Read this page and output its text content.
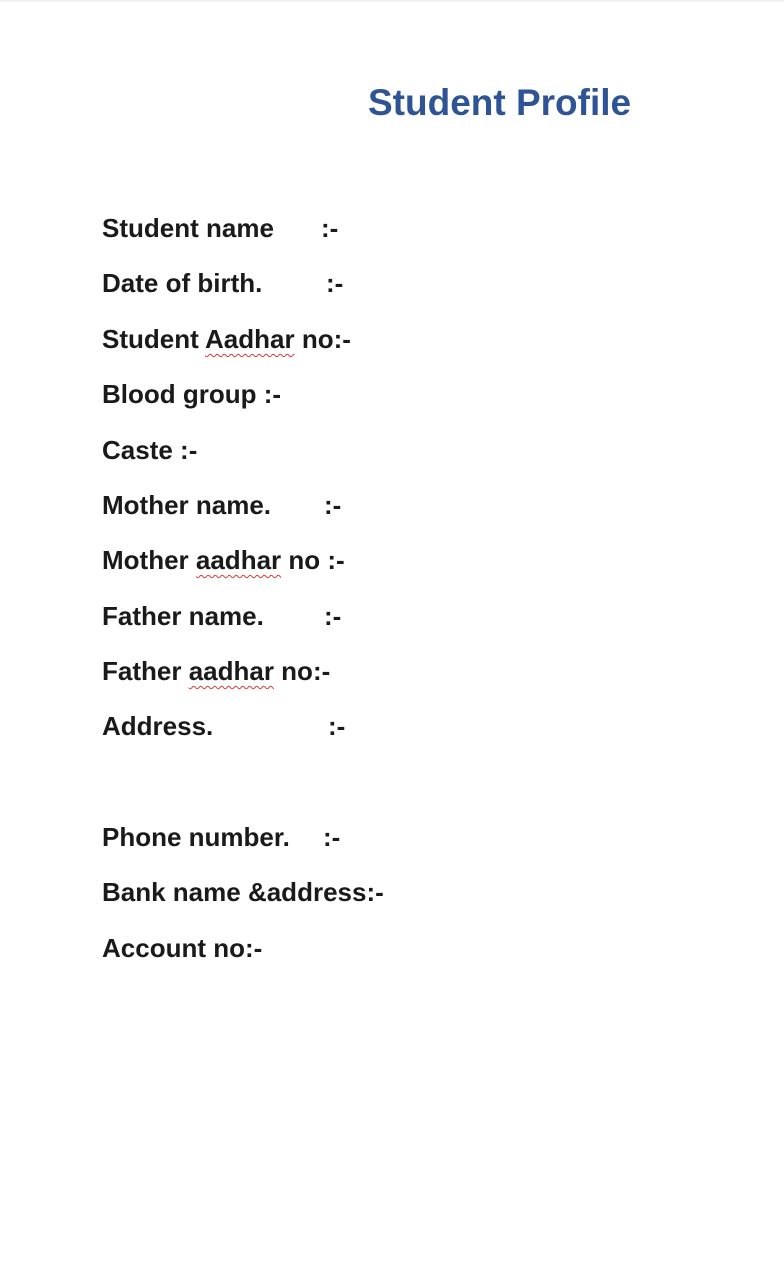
Student Profile
Student name :-
Date of birth. :-
Student Aadhar no:-
Blood group :-
Caste :-
Mother name. :-
Mother aadhar no :-
Father name. :-
Father aadhar no:-
Address.	:-
Phone number. :-
Bank name &address:-
Account no:-
